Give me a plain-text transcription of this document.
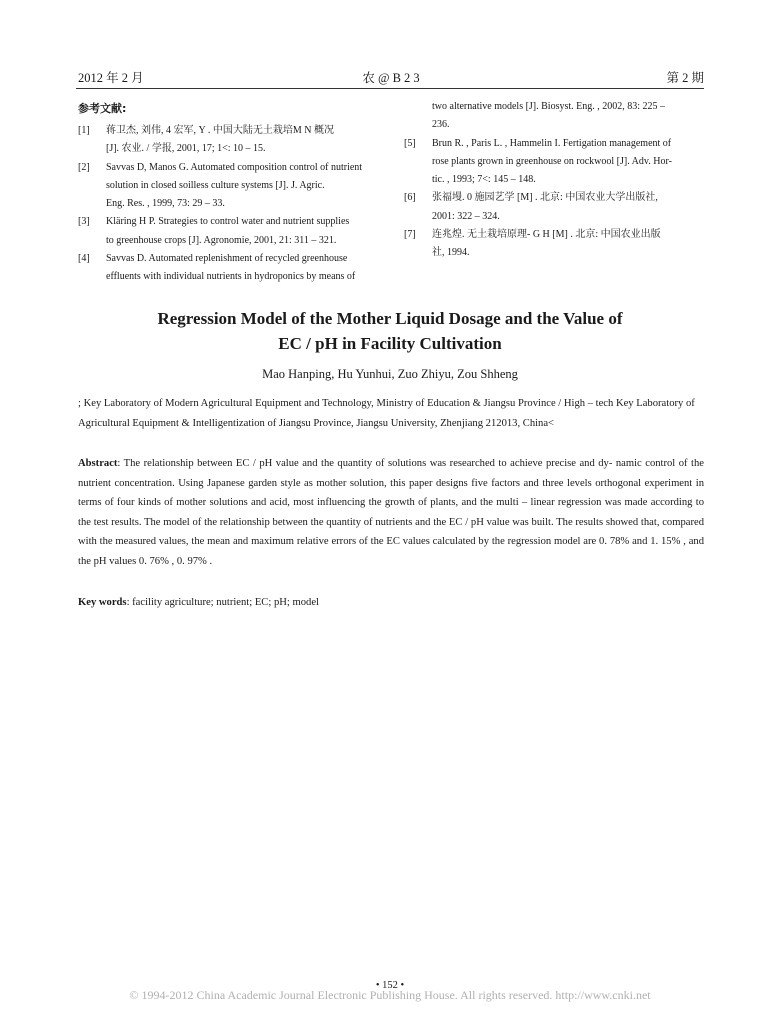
2012 年 2 月	农 @ B 2 3	第 2 期
参考文献:
[1]	蒋卫杰, 刘伟, 4 宏军, Y . 中国大陆无土栽培M N 概况
[J]. 农业. / 学报, 2001, 17; 1<: 10 – 15.
[2]	Savvas D, Manos G. Automated composition control of nutrient
solution in closed soilless culture systems [J]. J. Agric.
Eng. Res. , 1999, 73: 29 – 33.
[3]	Kläring H P. Strategies to control water and nutrient supplies
to greenhouse crops [J]. Agronomie, 2001, 21: 311 – 321.
[4]	Savvas D. Automated replenishment of recycled greenhouse
effluents with individual nutrients in hydroponics by means of
two alternative models [J]. Biosyst. Eng. , 2002, 83: 225 –
236.
[5]	Brun R. , Paris L. , Hammelin I. Fertigation management of
rose plants grown in greenhouse on rockwool [J]. Adv. Hor-
tic. , 1993; 7<: 145 – 148.
[6]	张福墁. 0 施园艺学 [M] . 北京: 中国农业大学出版社,
2001: 322 – 324.
[7]	连兆煌. 无土栽培原理- G H [M] . 北京: 中国农业出版
社, 1994.
Regression Model of the Mother Liquid Dosage and the Value of
EC / pH in Facility Cultivation
Mao Hanping, Hu Yunhui, Zuo Zhiyu, Zou Shheng
; Key Laboratory of Modern Agricultural Equipment and Technology, Ministry of Education & Jiangsu Province / High – tech Key Laboratory of Agricultural Equipment & Intelligentization of Jiangsu Province, Jiangsu University, Zhenjiang 212013, China<
Abstract: The relationship between EC / pH value and the quantity of solutions was researched to achieve precise and dy- namic control of the nutrient concentration. Using Japanese garden style as mother solution, this paper designs five factors and three levels orthogonal experiment in terms of four kinds of mother solutions and acid, most influencing the growth of plants, and the multi – linear regression was made according to the test results. The model of the relationship between the quantity of nutrients and the EC / pH value was built. The results showed that, compared with the measured values, the mean and maximum relative errors of the EC values calculated by the regression model are 0. 78% and 1. 15% , and the pH values 0. 76% , 0. 97% .
Key words: facility agriculture; nutrient; EC; pH; model
• 152 •
© 1994-2012 China Academic Journal Electronic Publishing House. All rights reserved. http://www.cnki.net
